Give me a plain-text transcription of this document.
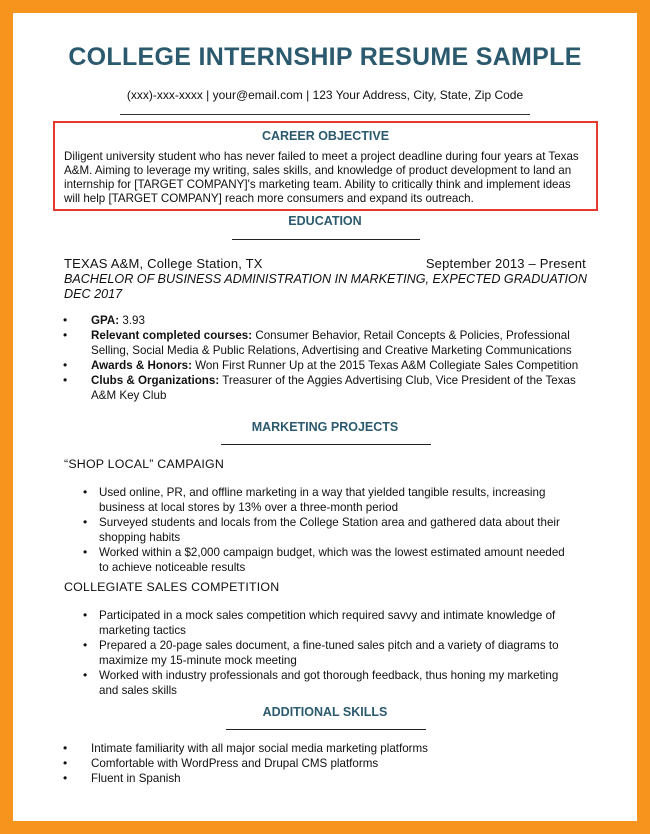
COLLEGE INTERNSHIP RESUME SAMPLE
(xxx)-xxx-xxxx | your@email.com | 123 Your Address, City, State, Zip Code
CAREER OBJECTIVE
Diligent university student who has never failed to meet a project deadline during four years at Texas
A&M. Aiming to leverage my writing, sales skills, and knowledge of product development to land an
internship for [TARGET COMPANY]'s marketing team. Ability to critically think and implement ideas
will help [TARGET COMPANY] reach more consumers and expand its outreach.
EDUCATION
TEXAS A&M, College Station, TX	September 2013 – Present
BACHELOR OF BUSINESS ADMINISTRATION IN MARKETING, EXPECTED GRADUATION
DEC 2017
• GPA: 3.93
• Relevant completed courses: Consumer Behavior, Retail Concepts & Policies, Professional
Selling, Social Media & Public Relations, Advertising and Creative Marketing Communications
• Awards & Honors: Won First Runner Up at the 2015 Texas A&M Collegiate Sales Competition
• Clubs & Organizations: Treasurer of the Aggies Advertising Club, Vice President of the Texas
A&M Key Club
MARKETING PROJECTS
“SHOP LOCAL” CAMPAIGN
• Used online, PR, and offline marketing in a way that yielded tangible results, increasing
business at local stores by 13% over a three-month period
• Surveyed students and locals from the College Station area and gathered data about their
shopping habits
• Worked within a $2,000 campaign budget, which was the lowest estimated amount needed
to achieve noticeable results
COLLEGIATE SALES COMPETITION
• Participated in a mock sales competition which required savvy and intimate knowledge of
marketing tactics
• Prepared a 20-page sales document, a fine-tuned sales pitch and a variety of diagrams to
maximize my 15-minute mock meeting
• Worked with industry professionals and got thorough feedback, thus honing my marketing
and sales skills
ADDITIONAL SKILLS
• Intimate familiarity with all major social media marketing platforms
• Comfortable with WordPress and Drupal CMS platforms
• Fluent in Spanish
